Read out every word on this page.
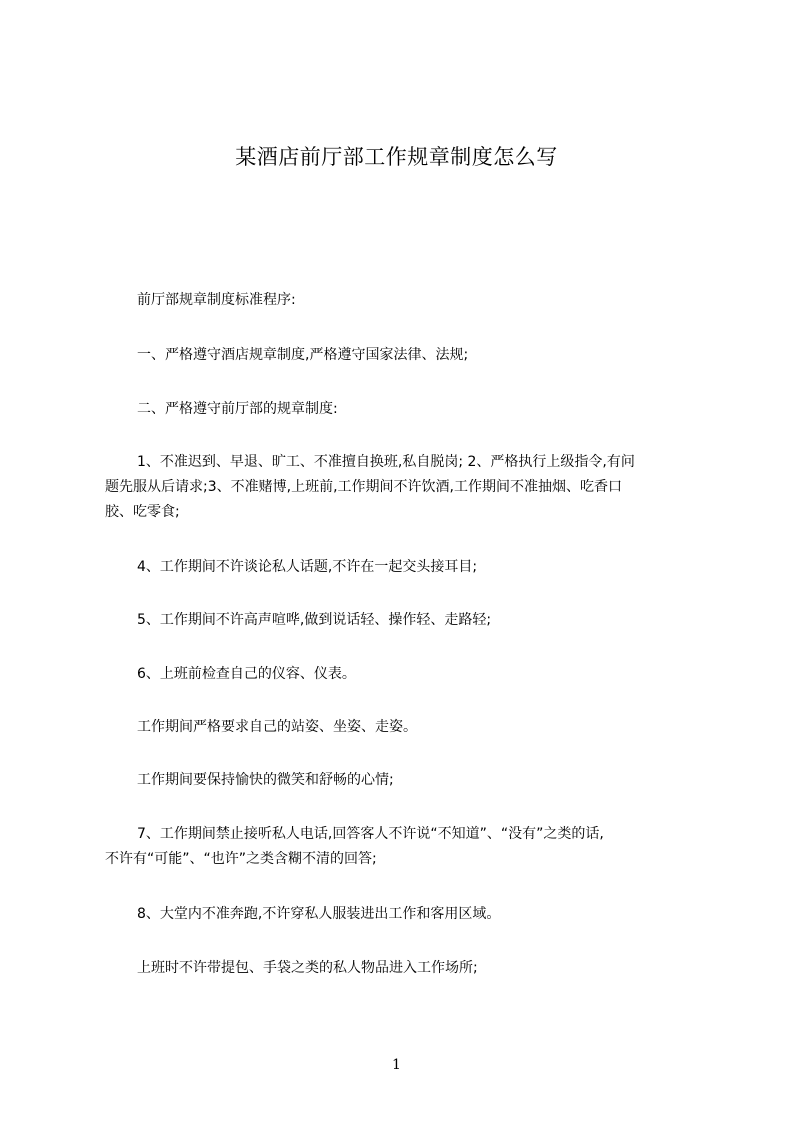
某酒店前厅部工作规章制度怎么写
前厅部规章制度标准程序:
一、严格遵守酒店规章制度,严格遵守国家法律、法规;
二、严格遵守前厅部的规章制度:
1、不准迟到、早退、旷工、不准擅自换班,私自脱岗; 2、严格执行上级指令,有问
题先服从后请求;3、不准赌博,上班前,工作期间不许饮酒,工作期间不准抽烟、吃香口
胶、吃零食;
4、工作期间不许谈论私人话题,不许在一起交头接耳目;
5、工作期间不许高声喧哗,做到说话轻、操作轻、走路轻;
6、上班前检查自己的仪容、仪表。
工作期间严格要求自己的站姿、坐姿、走姿。
工作期间要保持愉快的微笑和舒畅的心情;
7、工作期间禁止接听私人电话,回答客人不许说“不知道”、“没有”之类的话,
不许有“可能”、“也许”之类含糊不清的回答;
8、大堂内不准奔跑,不许穿私人服装进出工作和客用区域。
上班时不许带提包、手袋之类的私人物品进入工作场所;
1
